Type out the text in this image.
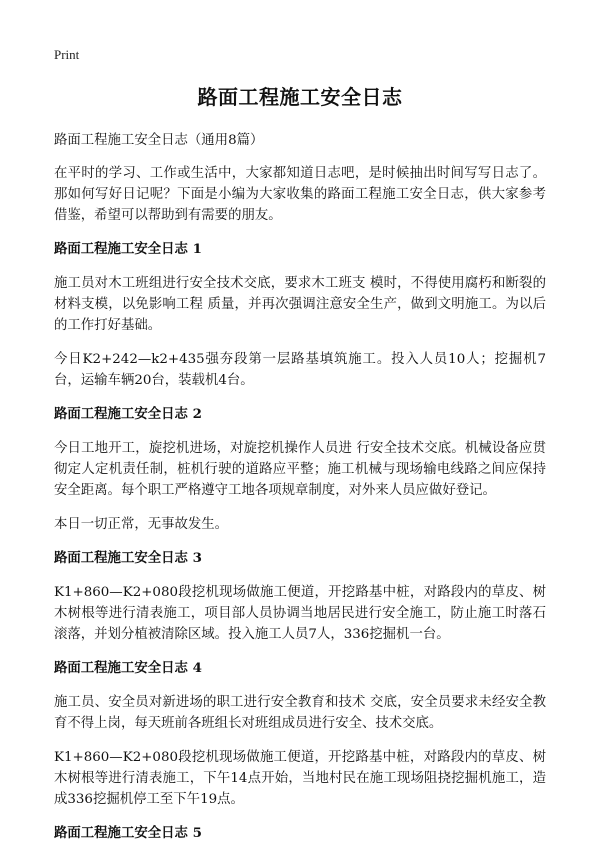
Print
路面工程施工安全日志

路面工程施工安全日志（通用8篇）

在平时的学习、工作或生活中，大家都知道日志吧，是时候抽出时间写写日志了。那如何写好日记呢？下面是小编为大家收集的路面工程施工安全日志，供大家参考借鉴，希望可以帮助到有需要的朋友。

路面工程施工安全日志 1

施工员对木工班组进行安全技术交底，要求木工班支 模时，不得使用腐朽和断裂的材料支模，以免影响工程 质量，并再次强调注意安全生产，做到文明施工。为以后的工作打好基础。

今日K2+242—k2+435强夯段第一层路基填筑施工。投入人员10人；挖掘机7台，运输车辆20台，装载机4台。

路面工程施工安全日志 2

今日工地开工，旋挖机进场，对旋挖机操作人员进 行安全技术交底。机械设备应贯彻定人定机责任制，桩机行驶的道路应平整；施工机械与现场输电线路之间应保持安全距离。每个职工严格遵守工地各项规章制度，对外来人员应做好登记。

本日一切正常，无事故发生。

路面工程施工安全日志 3

K1+860—K2+080段挖机现场做施工便道，开挖路基中桩，对路段内的草皮、树木树根等进行清表施工，项目部人员协调当地居民进行安全施工，防止施工时落石滚落，并划分植被清除区域。投入施工人员7人，336挖掘机一台。

路面工程施工安全日志 4

施工员、安全员对新进场的职工进行安全教育和技术 交底，安全员要求未经安全教育不得上岗，每天班前各班组长对班组成员进行安全、技术交底。

K1+860—K2+080段挖机现场做施工便道，开挖路基中桩，对路段内的草皮、树木树根等进行清表施工，下午14点开始，当地村民在施工现场阻挠挖掘机施工，造成336挖掘机停工至下午19点。

路面工程施工安全日志 5
